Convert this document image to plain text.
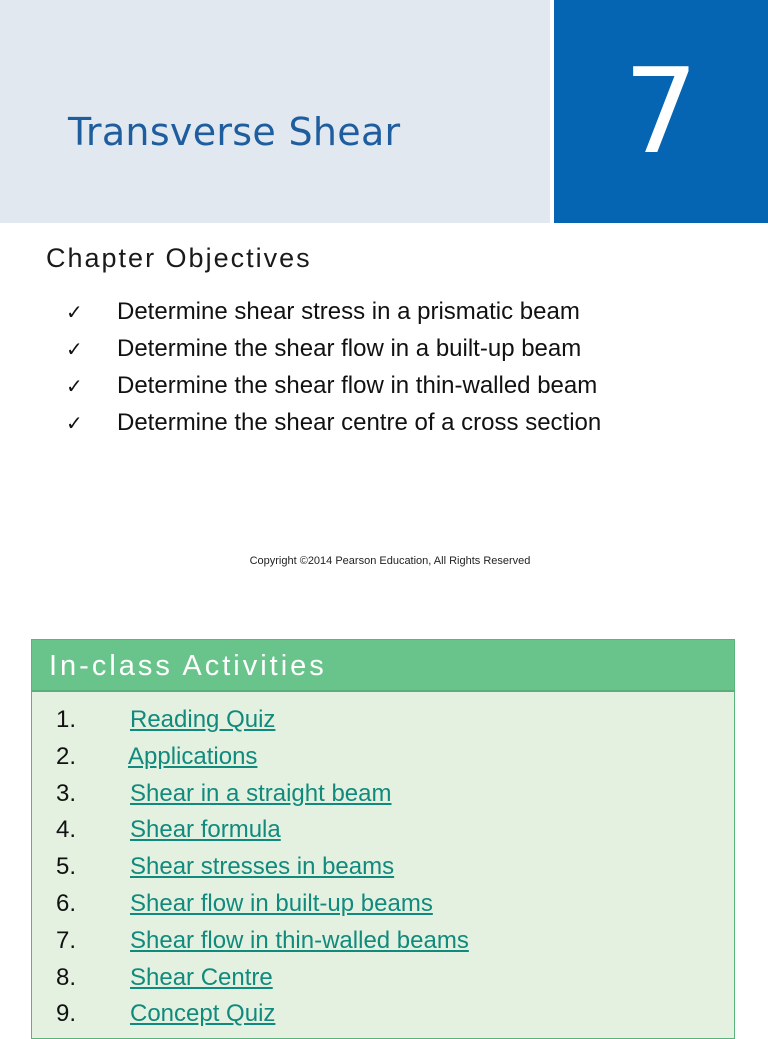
Transverse Shear	7
Chapter Objectives
✓ Determine shear stress in a prismatic beam
✓ Determine the shear flow in a built-up beam
✓ Determine the shear flow in thin-walled beam
✓ Determine the shear centre of a cross section
Copyright ©2014 Pearson Education, All Rights Reserved
In-class Activities
1. Reading Quiz
2. Applications
3. Shear in a straight beam
4. Shear formula
5. Shear stresses in beams
6. Shear flow in built-up beams
7. Shear flow in thin-walled beams
8. Shear Centre
9. Concept Quiz
